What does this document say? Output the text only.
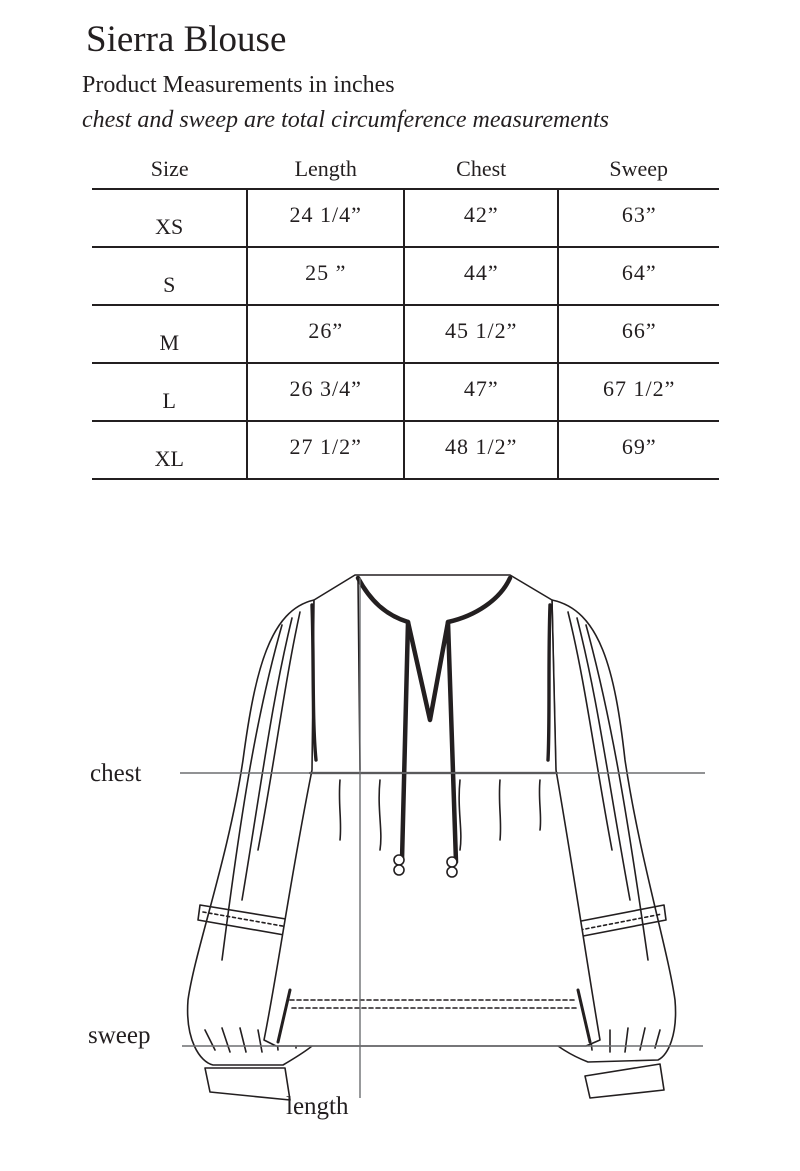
Sierra Blouse
Product Measurements in inches
chest and sweep are total circumference measurements
Size	Length	Chest	Sweep
XS	24 1/4”	42”	63”
S	25 ”	44”	64”
M	26”	45 1/2”	66”
L	26 3/4”	47”	67 1/2”
XL	27 1/2”	48 1/2”	69”
chest
sweep
length
